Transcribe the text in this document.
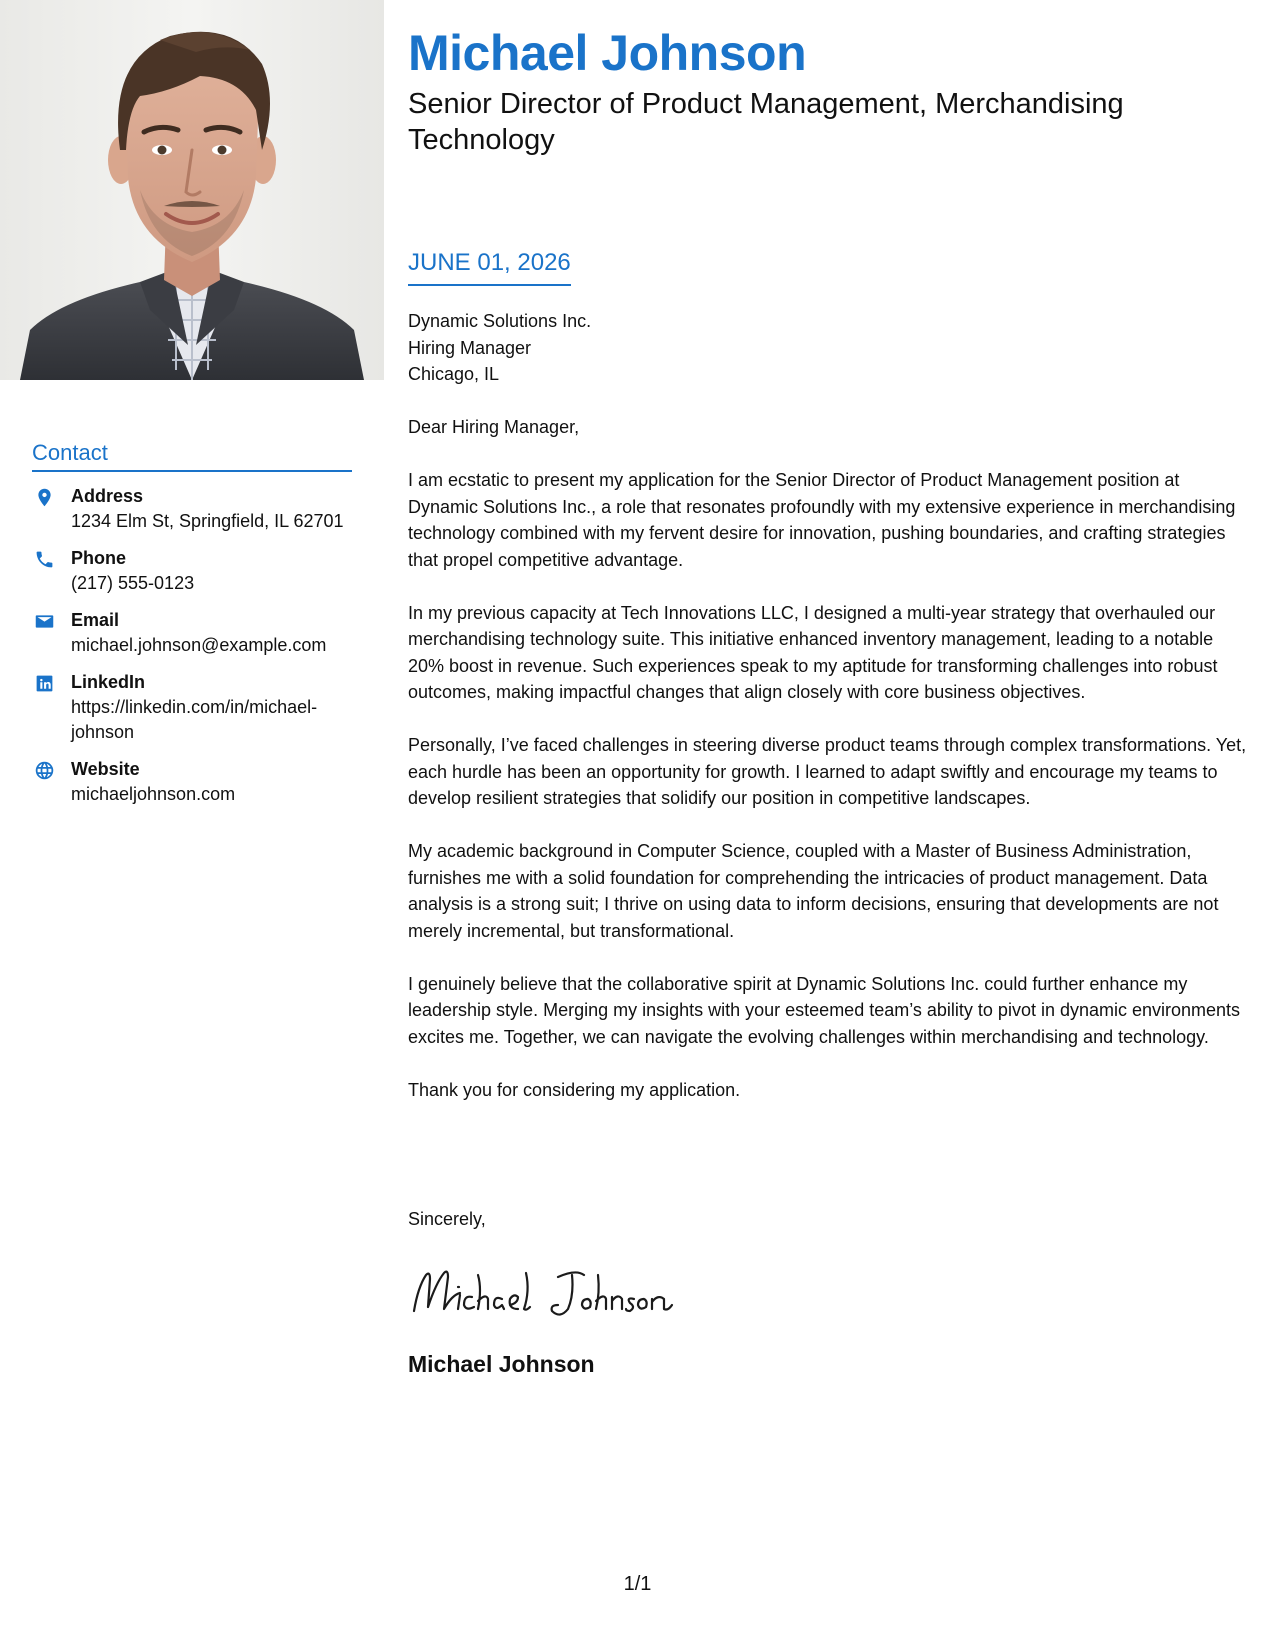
Contact
Address
1234 Elm St, Springfield, IL 62701
Phone
(217) 555-0123
Email
michael.johnson@example.com
LinkedIn
https://linkedin.com/in/michael-johnson
Website
michaeljohnson.com
Michael Johnson
Senior Director of Product Management, Merchandising Technology
JUNE 01, 2026
Dynamic Solutions Inc.
Hiring Manager
Chicago, IL

Dear Hiring Manager,

I am ecstatic to present my application for the Senior Director of Product Management position at Dynamic Solutions Inc., a role that resonates profoundly with my extensive experience in merchandising technology combined with my fervent desire for innovation, pushing boundaries, and crafting strategies that propel competitive advantage.

In my previous capacity at Tech Innovations LLC, I designed a multi-year strategy that overhauled our merchandising technology suite. This initiative enhanced inventory management, leading to a notable 20% boost in revenue. Such experiences speak to my aptitude for transforming challenges into robust outcomes, making impactful changes that align closely with core business objectives.

Personally, I’ve faced challenges in steering diverse product teams through complex transformations. Yet, each hurdle has been an opportunity for growth. I learned to adapt swiftly and encourage my teams to develop resilient strategies that solidify our position in competitive landscapes.

My academic background in Computer Science, coupled with a Master of Business Administration, furnishes me with a solid foundation for comprehending the intricacies of product management. Data analysis is a strong suit; I thrive on using data to inform decisions, ensuring that developments are not merely incremental, but transformational.

I genuinely believe that the collaborative spirit at Dynamic Solutions Inc. could further enhance my leadership style. Merging my insights with your esteemed team’s ability to pivot in dynamic environments excites me. Together, we can navigate the evolving challenges within merchandising and technology.

Thank you for considering my application.

Sincerely,
Michael Johnson
1/1
